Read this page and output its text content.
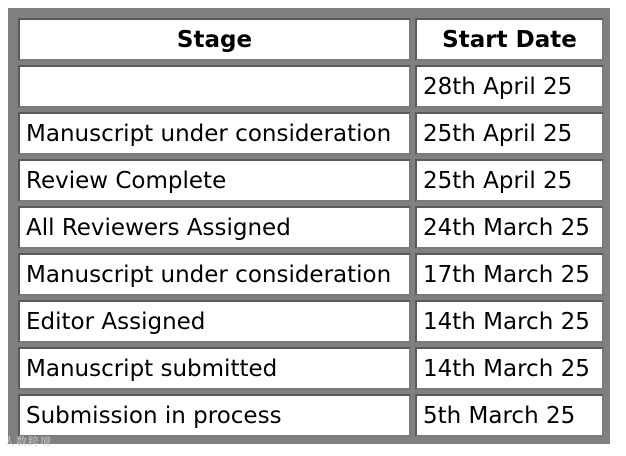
Stage	Start Date
	28th April 25
Manuscript under consideration	25th April 25
Review Complete	25th April 25
All Reviewers Assigned	24th March 25
Manuscript under consideration	17th March 25
Editor Assigned	14th March 25
Manuscript submitted	14th March 25
Submission in process	5th March 25
人数跨境
